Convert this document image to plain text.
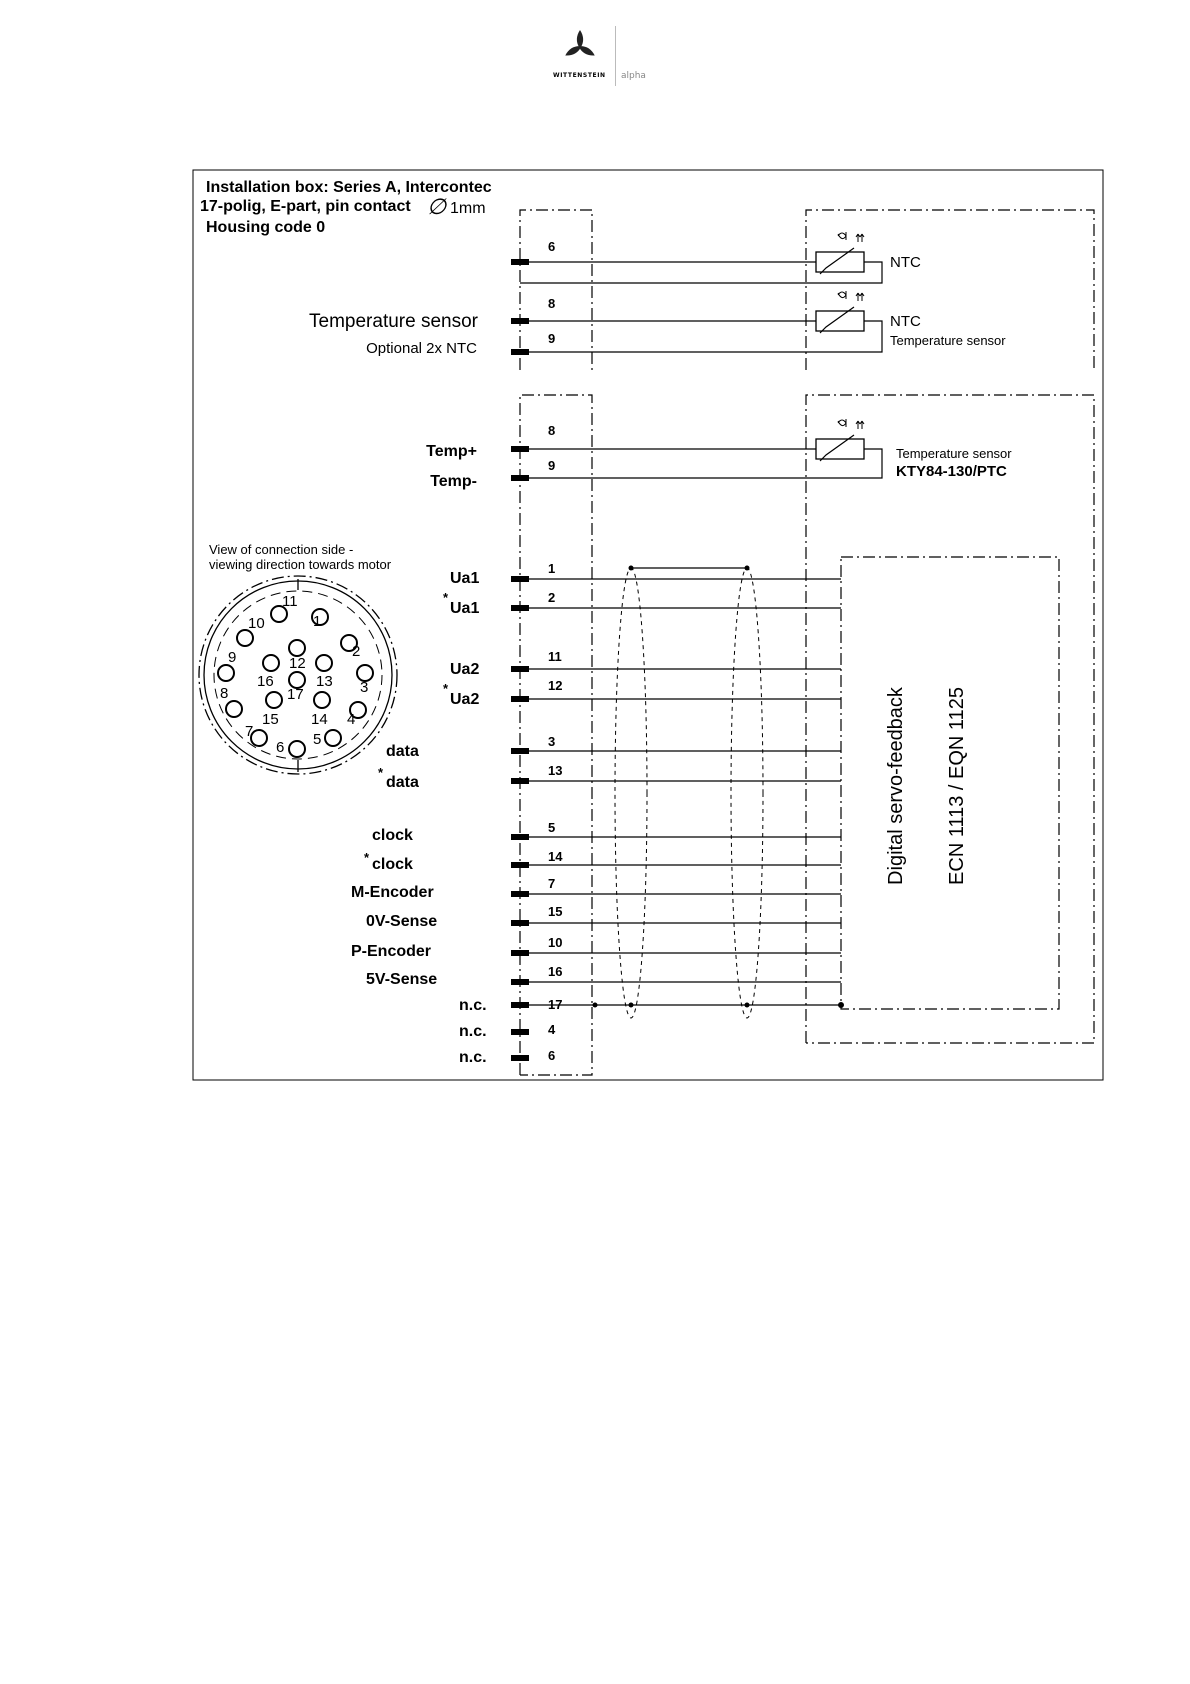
WITTENSTEIN alpha
Installation box: Series A, Intercontec
17-polig, E-part, pin contact ∅ 1mm
Housing code 0
6
8
9
NTC
NTC
Temperature sensor
Temperature sensor
Optional 2x NTC
8
9
Temperature sensor
KTY84-130/PTC
Temp+
Temp-
Digital servo-feedback ECN 1113 / EQN 1125
1
2
11
12
3
13
5
14
7
15
10
16
17
4
6
Ua1
*
Ua1
Ua2
*
Ua2
data
*
data
clock
* clock
M-Encoder
0V-Sense
P-Encoder
5V-Sense
n.c.
n.c.
n.c.
View of connection side -
viewing direction towards motor
1
2
3
4
5
6
7
8
9
10
11
12
13
14
15
16
17
